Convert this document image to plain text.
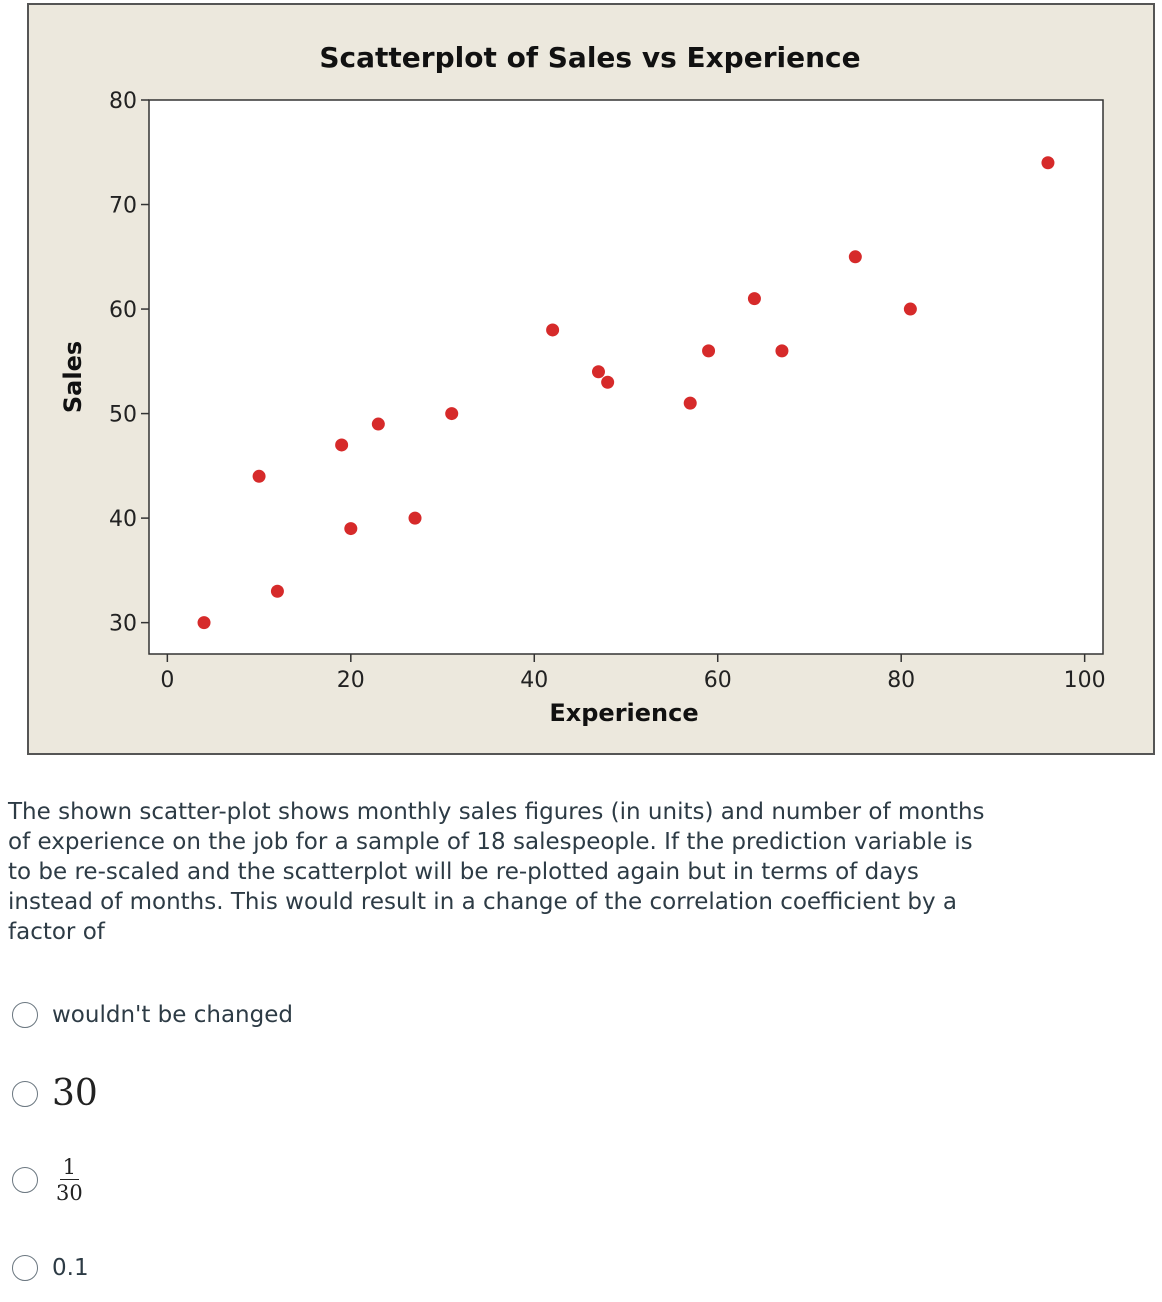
Scatterplot of Sales vs Experience
Experience
Sales
0	20	40	60	80	100
30
40
50
60
70
80

The shown scatter-plot shows monthly sales figures (in units) and number of months of experience on the job for a sample of 18 salespeople. If the prediction variable is to be re-scaled and the scatterplot will be re-plotted again but in terms of days instead of months. This would result in a change of the correlation coefficient by a factor of

wouldn't be changed
30
$\frac{1}{30}$
0.1
